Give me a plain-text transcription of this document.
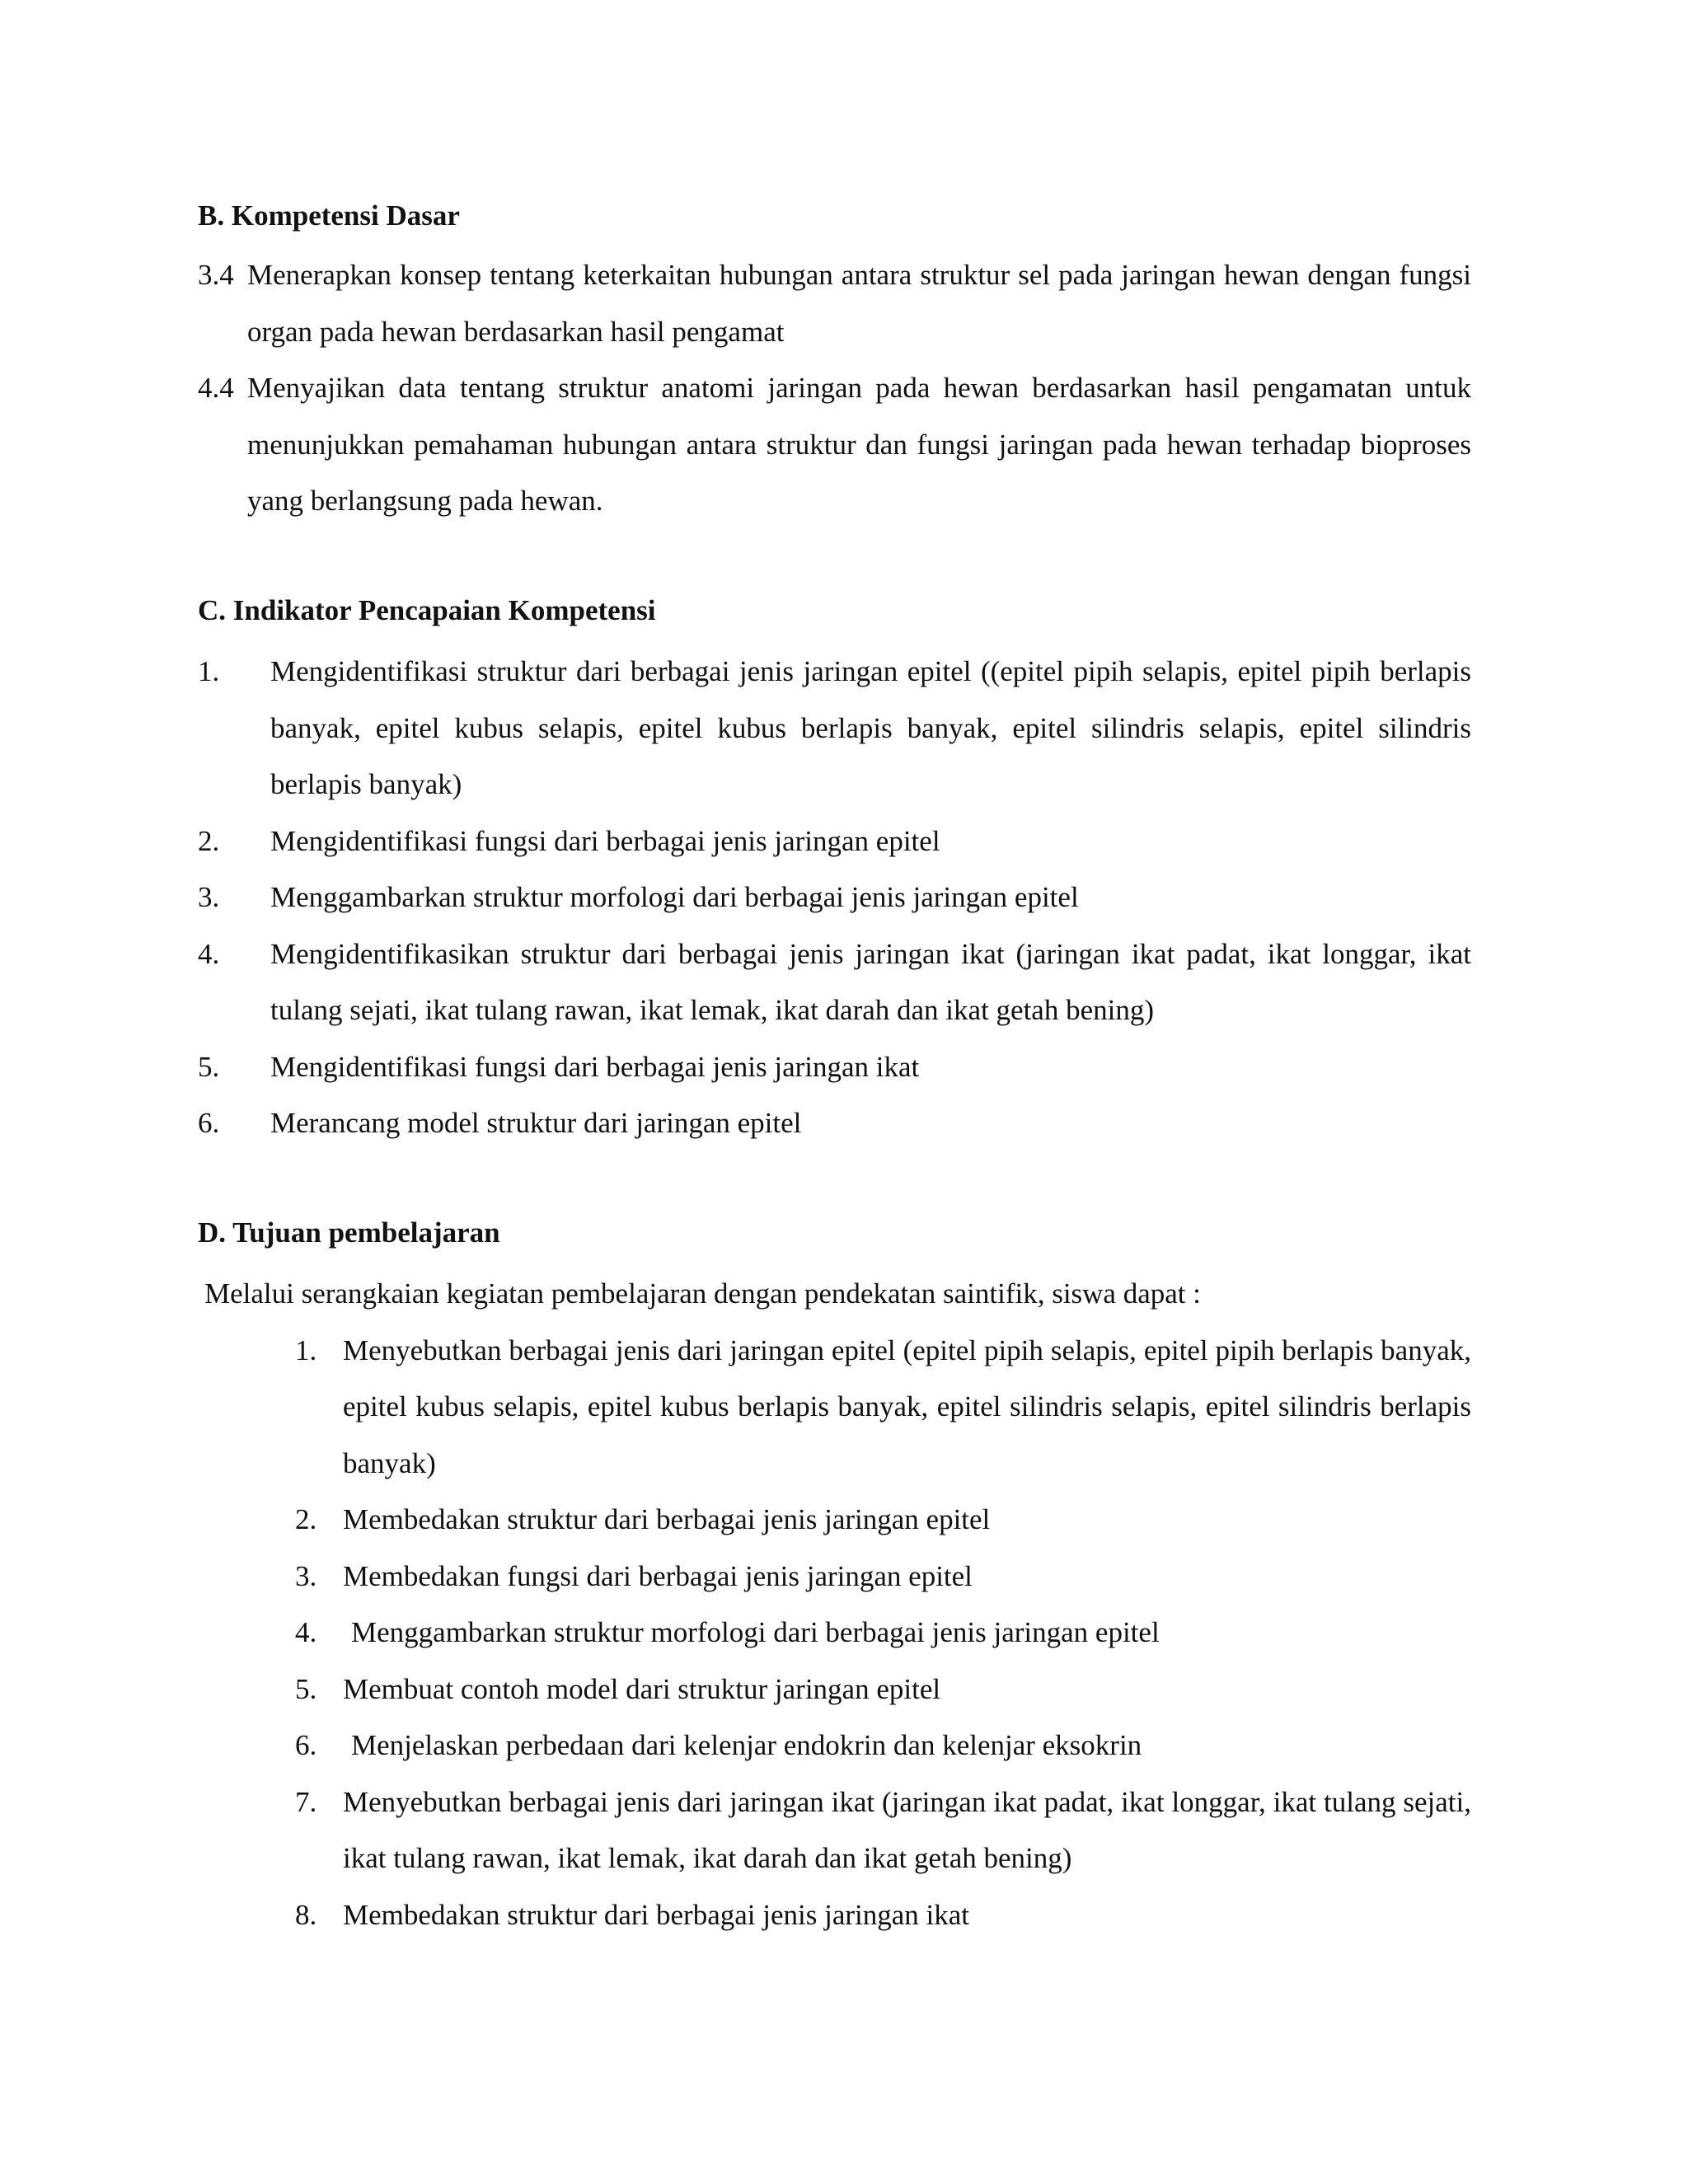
B. Kompetensi Dasar
3.4 Menerapkan konsep tentang keterkaitan hubungan antara struktur sel pada jaringan hewan dengan fungsi organ pada hewan berdasarkan hasil pengamat
4.4 Menyajikan data tentang struktur anatomi jaringan pada hewan berdasarkan hasil pengamatan untuk menunjukkan pemahaman hubungan antara struktur dan fungsi jaringan pada hewan terhadap bioproses yang berlangsung pada hewan.
C. Indikator Pencapaian Kompetensi
1. Mengidentifikasi struktur dari berbagai jenis jaringan epitel ((epitel pipih selapis, epitel pipih berlapis banyak, epitel kubus selapis, epitel kubus berlapis banyak, epitel silindris selapis, epitel silindris berlapis banyak)
2. Mengidentifikasi fungsi dari berbagai jenis jaringan epitel
3. Menggambarkan struktur morfologi dari berbagai jenis jaringan epitel
4. Mengidentifikasikan struktur dari berbagai jenis jaringan ikat (jaringan ikat padat, ikat longgar, ikat tulang sejati, ikat tulang rawan, ikat lemak, ikat darah dan ikat getah bening)
5. Mengidentifikasi fungsi dari berbagai jenis jaringan ikat
6. Merancang model struktur dari jaringan epitel
D. Tujuan pembelajaran
Melalui serangkaian kegiatan pembelajaran dengan pendekatan saintifik, siswa dapat :
1. Menyebutkan berbagai jenis dari jaringan epitel (epitel pipih selapis, epitel pipih berlapis banyak, epitel kubus selapis, epitel kubus berlapis banyak, epitel silindris selapis, epitel silindris berlapis banyak)
2. Membedakan struktur dari berbagai jenis jaringan epitel
3. Membedakan fungsi dari berbagai jenis jaringan epitel
4. Menggambarkan struktur morfologi dari berbagai jenis jaringan epitel
5. Membuat contoh model dari struktur jaringan epitel
6. Menjelaskan perbedaan dari kelenjar endokrin dan kelenjar eksokrin
7. Menyebutkan berbagai jenis dari jaringan ikat (jaringan ikat padat, ikat longgar, ikat tulang sejati, ikat tulang rawan, ikat lemak, ikat darah dan ikat getah bening)
8. Membedakan struktur dari berbagai jenis jaringan ikat
